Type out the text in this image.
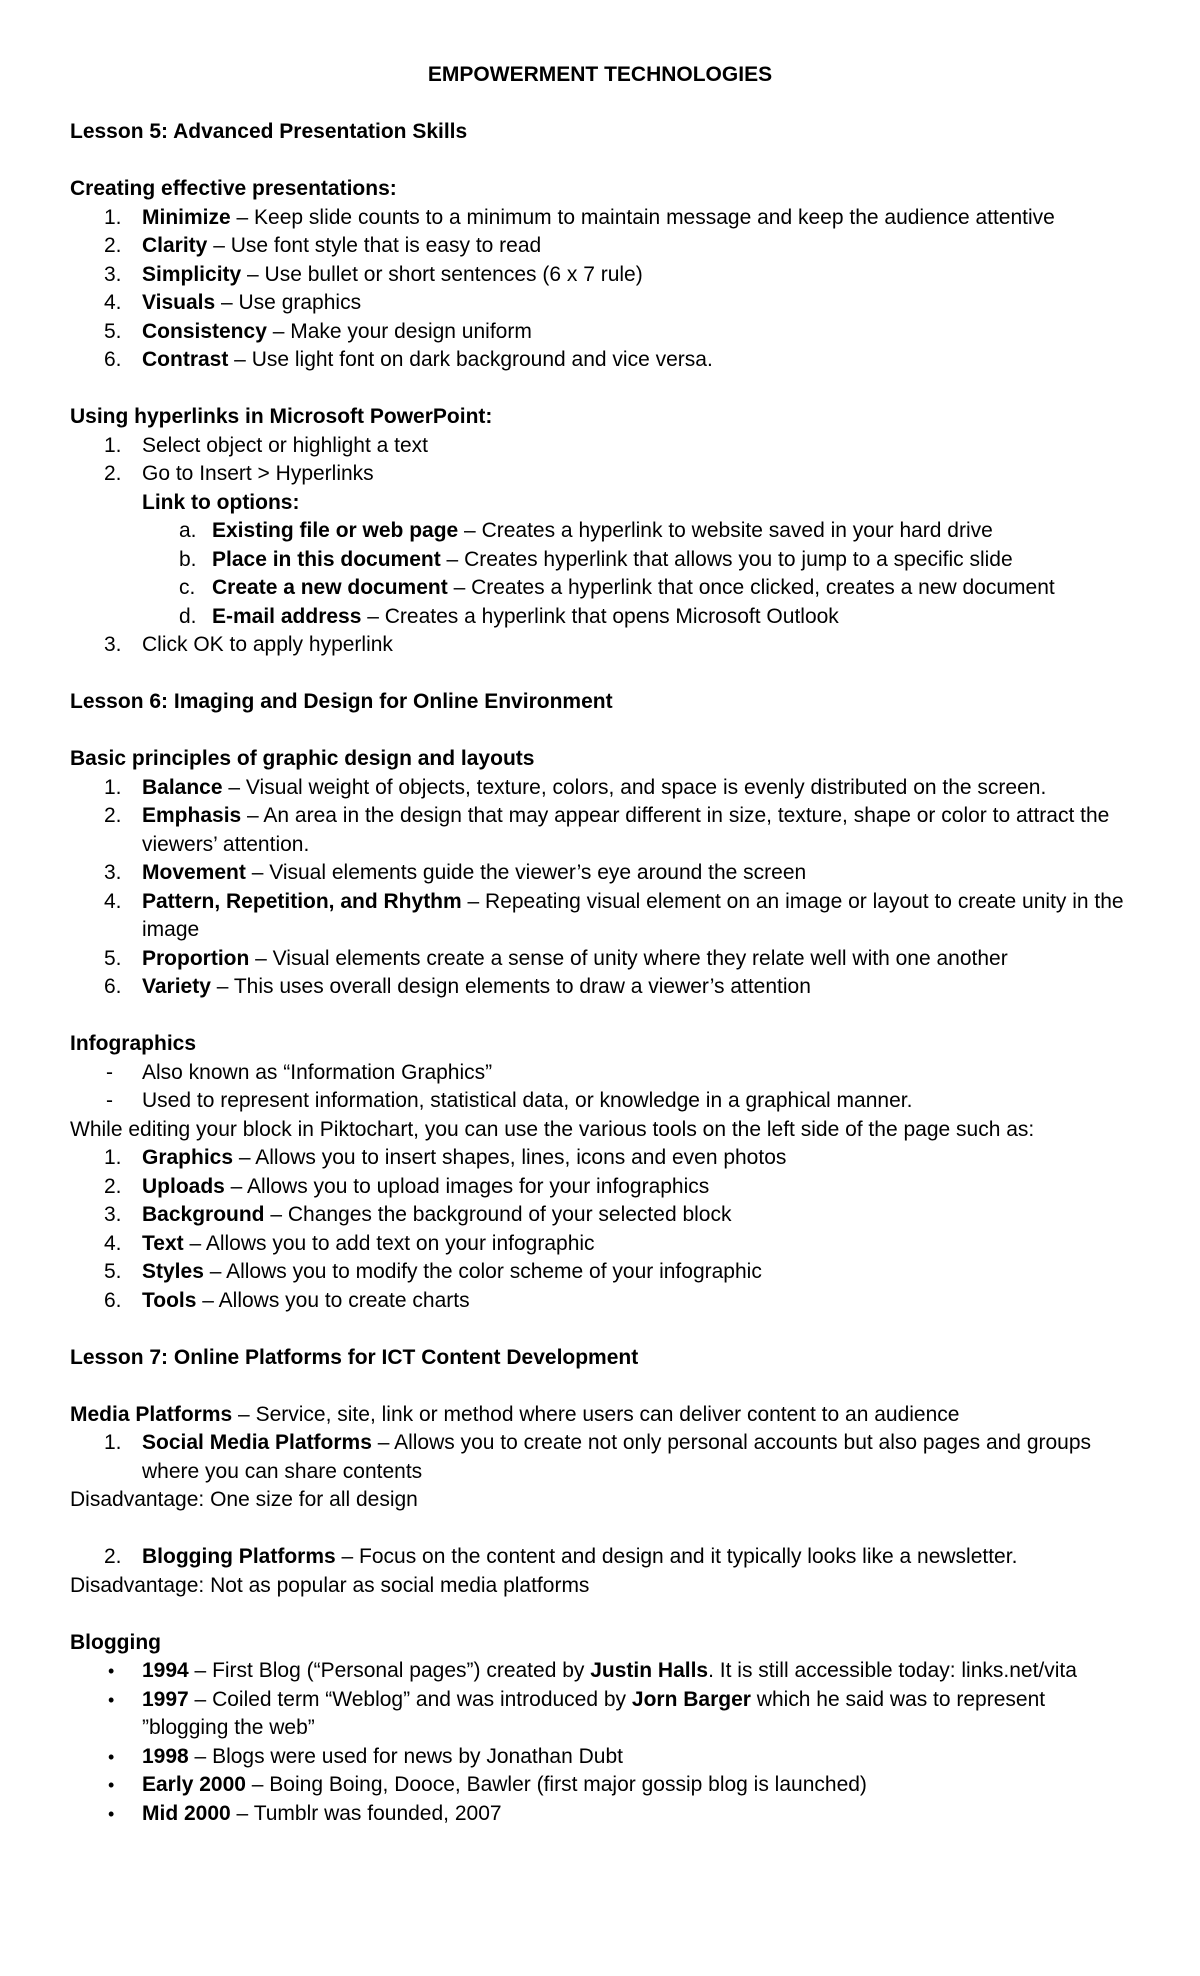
EMPOWERMENT TECHNOLOGIES

Lesson 5: Advanced Presentation Skills

Creating effective presentations:

1. Minimize – Keep slide counts to a minimum to maintain message and keep the audience attentive
2. Clarity – Use font style that is easy to read
3. Simplicity – Use bullet or short sentences (6 x 7 rule)
4. Visuals – Use graphics
5. Consistency – Make your design uniform
6. Contrast – Use light font on dark background and vice versa.

Using hyperlinks in Microsoft PowerPoint:

1. Select object or highlight a text
2. Go to Insert > Hyperlinks

Link to options:

a. Existing file or web page – Creates a hyperlink to website saved in your hard drive
b. Place in this document – Creates hyperlink that allows you to jump to a specific slide
c. Create a new document – Creates a hyperlink that once clicked, creates a new document
d. E-mail address – Creates a hyperlink that opens Microsoft Outlook
3. Click OK to apply hyperlink

Lesson 6: Imaging and Design for Online Environment

Basic principles of graphic design and layouts

1. Balance – Visual weight of objects, texture, colors, and space is evenly distributed on the screen.
2. Emphasis – An area in the design that may appear different in size, texture, shape or color to attract the viewers’ attention.
3. Movement – Visual elements guide the viewer’s eye around the screen
4. Pattern, Repetition, and Rhythm – Repeating visual element on an image or layout to create unity in the image
5. Proportion – Visual elements create a sense of unity where they relate well with one another
6. Variety – This uses overall design elements to draw a viewer’s attention

Infographics

- Also known as “Information Graphics”
- Used to represent information, statistical data, or knowledge in a graphical manner.

While editing your block in Piktochart, you can use the various tools on the left side of the page such as:

1. Graphics – Allows you to insert shapes, lines, icons and even photos
2. Uploads – Allows you to upload images for your infographics
3. Background – Changes the background of your selected block
4. Text – Allows you to add text on your infographic
5. Styles – Allows you to modify the color scheme of your infographic
6. Tools – Allows you to create charts

Lesson 7: Online Platforms for ICT Content Development

Media Platforms – Service, site, link or method where users can deliver content to an audience

1. Social Media Platforms – Allows you to create not only personal accounts but also pages and groups where you can share contents

Disadvantage: One size for all design

2. Blogging Platforms – Focus on the content and design and it typically looks like a newsletter.

Disadvantage: Not as popular as social media platforms

Blogging

• 1994 – First Blog (“Personal pages”) created by Justin Halls. It is still accessible today: links.net/vita
• 1997 – Coiled term “Weblog” and was introduced by Jorn Barger which he said was to represent ”blogging the web”
• 1998 – Blogs were used for news by Jonathan Dubt
• Early 2000 – Boing Boing, Dooce, Bawler (first major gossip blog is launched)
• Mid 2000 – Tumblr was founded, 2007
